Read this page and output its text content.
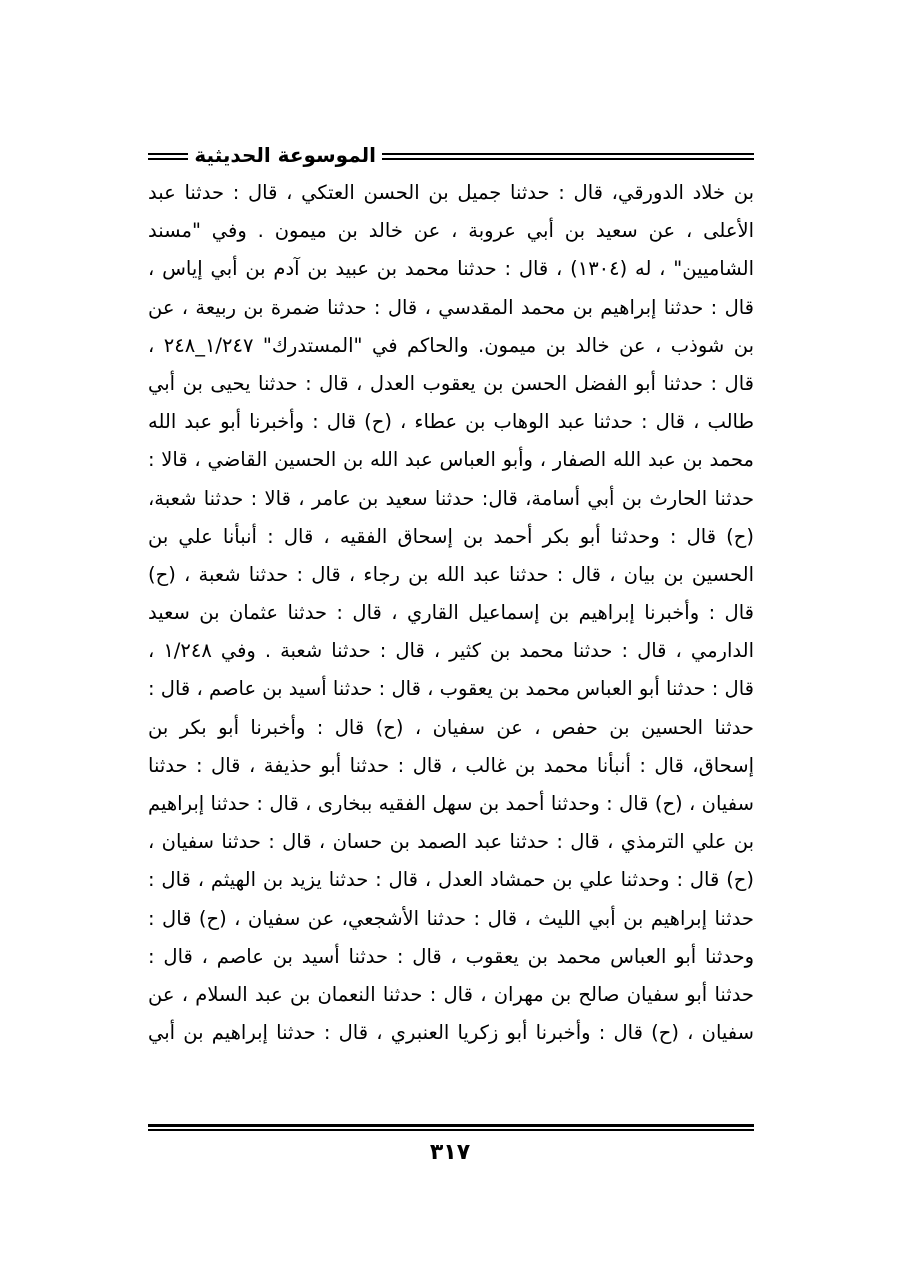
الموسوعة الحديثية
بن خلاد الدورقي، قال : حدثنا جميل بن الحسن العتكي ، قال : حدثنا عبد
الأعلى ، عن سعيد بن أبي عروبة ، عن خالد بن ميمون . وفي "مسند
الشاميين" ، له (١٣٠٤) ، قال : حدثنا محمد بن عبيد بن آدم بن أبي إياس ،
قال : حدثنا إبراهيم بن محمد المقدسي ، قال : حدثنا ضمرة بن ربيعة ، عن
بن شوذب ، عن خالد بن ميمون. والحاكم في "المستدرك" ١/٢٤٧_٢٤٨ ،
قال : حدثنا أبو الفضل الحسن بن يعقوب العدل ، قال : حدثنا يحيى بن أبي
طالب ، قال : حدثنا عبد الوهاب بن عطاء ، (ح) قال : وأخبرنا أبو عبد الله
محمد بن عبد الله الصفار ، وأبو العباس عبد الله بن الحسين القاضي ، قالا :
حدثنا الحارث بن أبي أسامة، قال: حدثنا سعيد بن عامر ، قالا : حدثنا شعبة،
(ح) قال : وحدثنا أبو بكر أحمد بن إسحاق الفقيه ، قال : أنبأنا علي بن
الحسين بن بيان ، قال : حدثنا عبد الله بن رجاء ، قال : حدثنا شعبة ، (ح)
قال : وأخبرنا إبراهيم بن إسماعيل القاري ، قال : حدثنا عثمان بن سعيد
الدارمي ، قال : حدثنا محمد بن كثير ، قال : حدثنا شعبة . وفي ١/٢٤٨ ،
قال : حدثنا أبو العباس محمد بن يعقوب ، قال : حدثنا أسيد بن عاصم ، قال :
حدثنا الحسين بن حفص ، عن سفيان ، (ح) قال : وأخبرنا أبو بكر بن
إسحاق، قال : أنبأنا محمد بن غالب ، قال : حدثنا أبو حذيفة ، قال : حدثنا
سفيان ، (ح) قال : وحدثنا أحمد بن سهل الفقيه ببخارى ، قال : حدثنا إبراهيم
بن علي الترمذي ، قال : حدثنا عبد الصمد بن حسان ، قال : حدثنا سفيان ،
(ح) قال : وحدثنا علي بن حمشاد العدل ، قال : حدثنا يزيد بن الهيثم ، قال :
حدثنا إبراهيم بن أبي الليث ، قال : حدثنا الأشجعي، عن سفيان ، (ح) قال :
وحدثنا أبو العباس محمد بن يعقوب ، قال : حدثنا أسيد بن عاصم ، قال :
حدثنا أبو سفيان صالح بن مهران ، قال : حدثنا النعمان بن عبد السلام ، عن
سفيان ، (ح) قال : وأخبرنا أبو زكريا العنبري ، قال : حدثنا إبراهيم بن أبي
٣١٧
